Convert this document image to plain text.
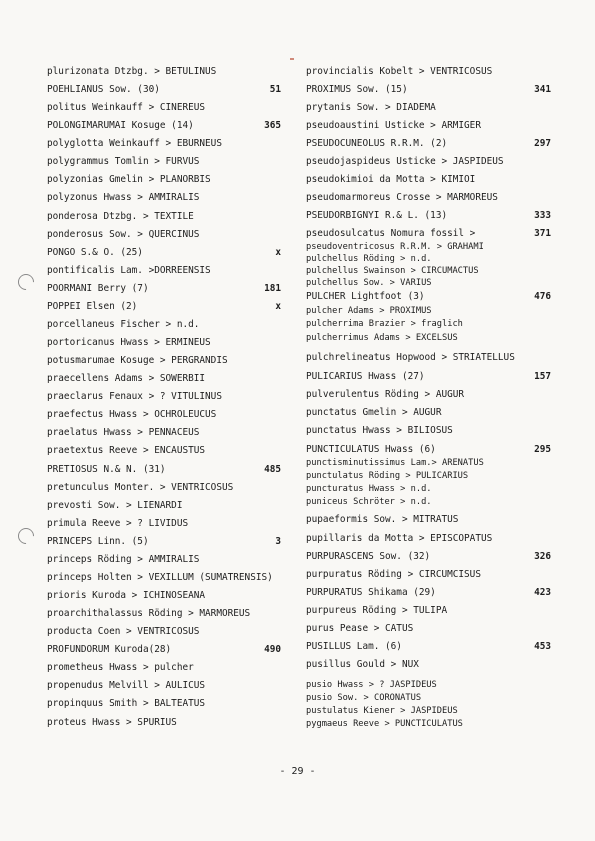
plurizonata Dtzbg. > BETULINUS
POEHLIANUS Sow. (30)	51
politus Weinkauff > CINEREUS
POLONGIMARUMAI Kosuge (14)	365
polyglotta Weinkauff > EBURNEUS
polygrammus Tomlin > FURVUS
polyzonias Gmelin > PLANORBIS
polyzonus Hwass > AMMIRALIS
ponderosa Dtzbg. > TEXTILE
ponderosus Sow. > QUERCINUS
PONGO S.& O. (25)	x
pontificalis Lam. >DORREENSIS
POORMANI Berry (7)	181
POPPEI Elsen (2)	x
porcellaneus Fischer > n.d.
portoricanus Hwass > ERMINEUS
potusmarumae Kosuge > PERGRANDIS
praecellens Adams > SOWERBII
praeclarus Fenaux > ? VITULINUS
praefectus Hwass > OCHROLEUCUS
praelatus Hwass > PENNACEUS
praetextus Reeve > ENCAUSTUS
PRETIOSUS N.& N. (31)	485
pretunculus Monter. > VENTRICOSUS
prevosti Sow. > LIENARDI
primula Reeve > ? LIVIDUS
PRINCEPS Linn. (5)	3
princeps Röding > AMMIRALIS
princeps Holten > VEXILLUM (SUMATRENSIS)
prioris Kuroda > ICHINOSEANA
proarchithalassus Röding > MARMOREUS
producta Coen > VENTRICOSUS
PROFUNDORUM Kuroda(28)	490
prometheus Hwass > pulcher
propenudus Melvill > AULICUS
propinquus Smith > BALTEATUS
proteus Hwass > SPURIUS
provincialis Kobelt > VENTRICOSUS
PROXIMUS Sow. (15)	341
prytanis Sow. > DIADEMA
pseudoaustini Usticke > ARMIGER
PSEUDOCUNEOLUS R.R.M. (2)	297
pseudojaspideus Usticke > JASPIDEUS
pseudokimioi da Motta > KIMIOI
pseudomarmoreus Crosse > MARMOREUS
PSEUDORBIGNYI R.& L. (13)	333
pseudosulcatus Nomura fossil >	371
pseudoventricosus R.R.M. > GRAHAMI
pulchellus Röding > n.d.
pulchellus Swainson > CIRCUMACTUS
pulchellus Sow. > VARIUS
PULCHER Lightfoot (3)	476
pulcher Adams > PROXIMUS
pulcherrima Brazier > fraglich
pulcherrimus Adams > EXCELSUS
pulchrelineatus Hopwood > STRIATELLUS
PULICARIUS Hwass (27)	157
pulverulentus Röding > AUGUR
punctatus Gmelin > AUGUR
punctatus Hwass > BILIOSUS
PUNCTICULATUS Hwass (6)	295
punctisminutissimus Lam.> ARENATUS
punctulatus Röding > PULICARIUS
puncturatus Hwass > n.d.
puniceus Schröter > n.d.
pupaeformis Sow. > MITRATUS
pupillaris da Motta > EPISCOPATUS
PURPURASCENS Sow. (32)	326
purpuratus Röding > CIRCUMCISUS
PURPURATUS Shikama (29)	423
purpureus Röding > TULIPA
purus Pease > CATUS
PUSILLUS Lam. (6)	453
pusillus Gould > NUX
pusio Hwass > ? JASPIDEUS
pusio Sow. > CORONATUS
pustulatus Kiener > JASPIDEUS
pygmaeus Reeve > PUNCTICULATUS
- 29 -
